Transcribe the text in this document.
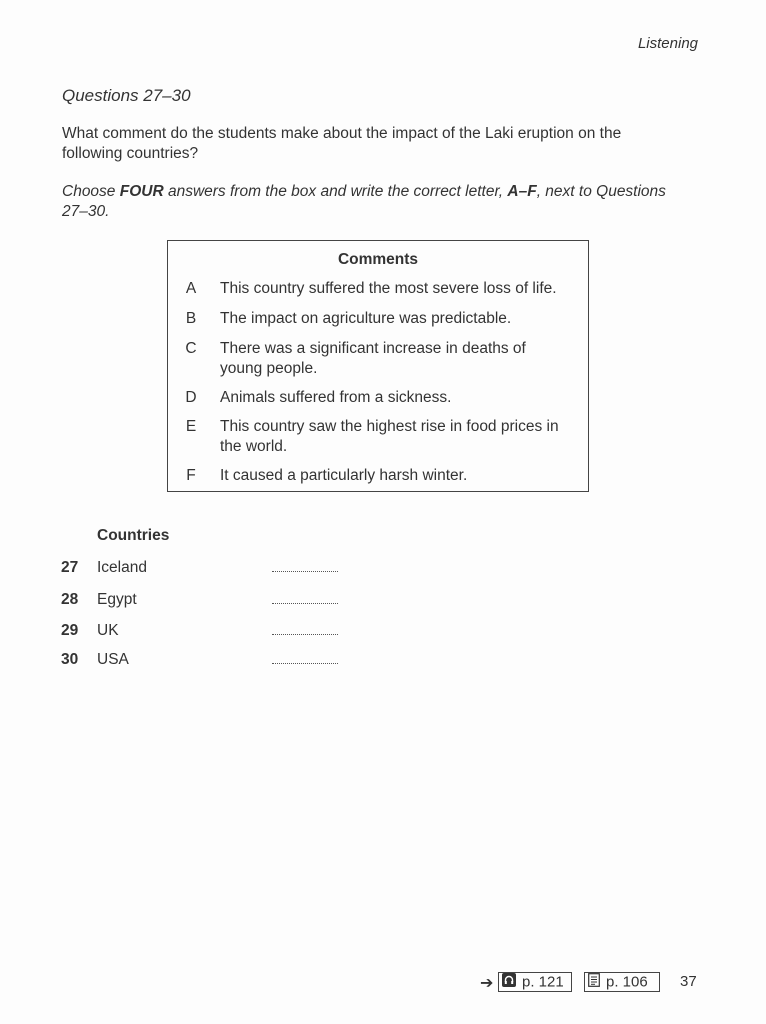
Listening
Questions 27–30
What comment do the students make about the impact of the Laki eruption on the following countries?
Choose FOUR answers from the box and write the correct letter, A–F, next to Questions 27–30.
Comments
A This country suffered the most severe loss of life.
B The impact on agriculture was predictable.
C There was a significant increase in deaths of young people.
D Animals suffered from a sickness.
E This country saw the highest rise in food prices in the world.
F It caused a particularly harsh winter.
Countries
27 Iceland
28 Egypt
29 UK
30 USA
➔	p. 121	p. 106	37
